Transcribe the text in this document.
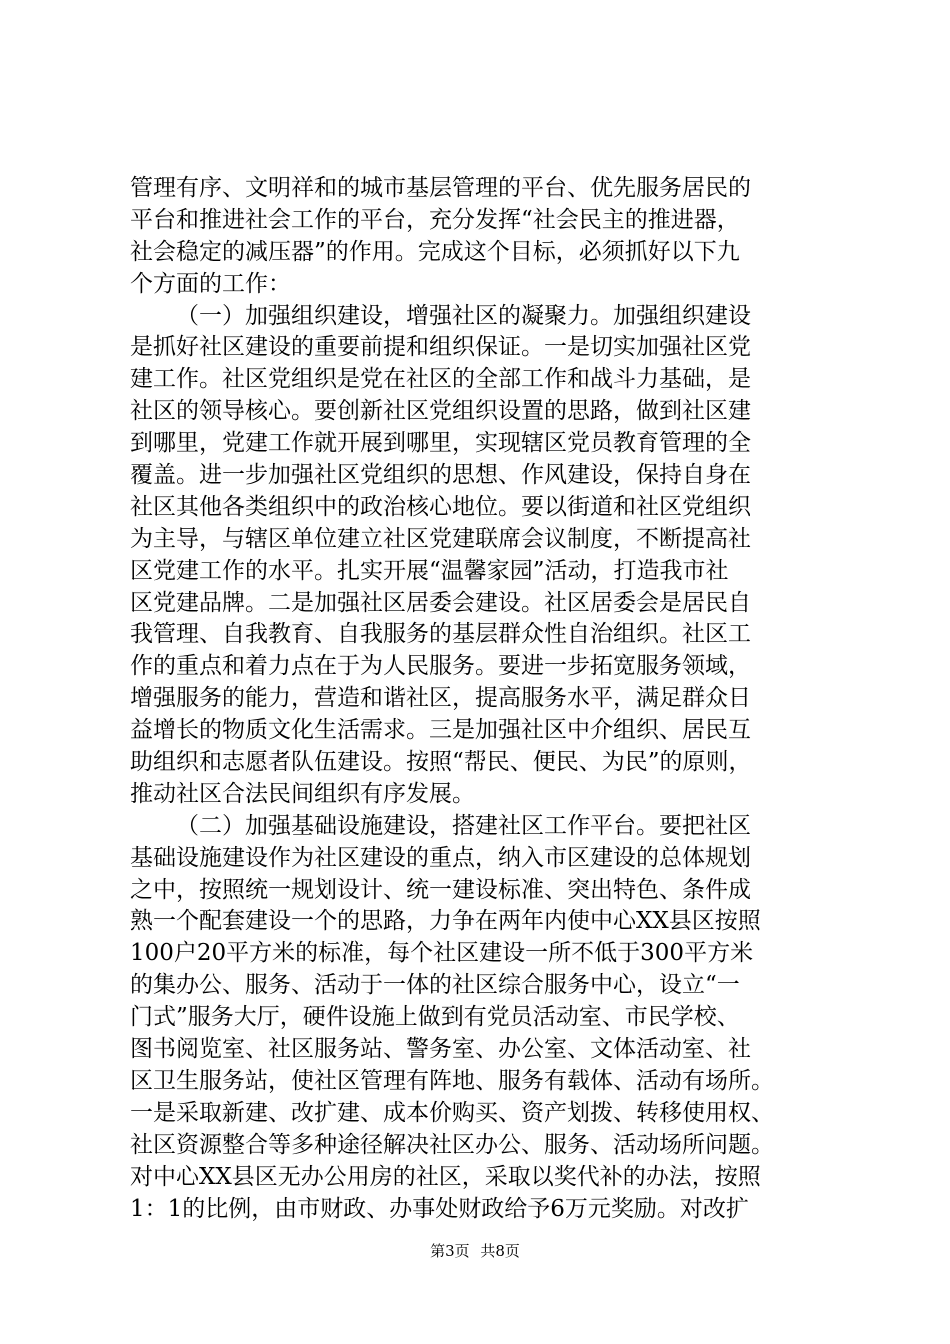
管理有序、文明祥和的城市基层管理的平台、优先服务居民的
平台和推进社会工作的平台，充分发挥“社会民主的推进器，
社会稳定的减压器”的作用。完成这个目标，必须抓好以下九
个方面的工作：
（一）加强组织建设，增强社区的凝聚力。加强组织建设
是抓好社区建设的重要前提和组织保证。一是切实加强社区党
建工作。社区党组织是党在社区的全部工作和战斗力基础，是
社区的领导核心。要创新社区党组织设置的思路，做到社区建
到哪里，党建工作就开展到哪里，实现辖区党员教育管理的全
覆盖。进一步加强社区党组织的思想、作风建设，保持自身在
社区其他各类组织中的政治核心地位。要以街道和社区党组织
为主导，与辖区单位建立社区党建联席会议制度，不断提高社
区党建工作的水平。扎实开展“温馨家园”活动，打造我市社
区党建品牌。二是加强社区居委会建设。社区居委会是居民自
我管理、自我教育、自我服务的基层群众性自治组织。社区工
作的重点和着力点在于为人民服务。要进一步拓宽服务领域，
增强服务的能力，营造和谐社区，提高服务水平，满足群众日
益增长的物质文化生活需求。三是加强社区中介组织、居民互
助组织和志愿者队伍建设。按照“帮民、便民、为民”的原则，
推动社区合法民间组织有序发展。
（二）加强基础设施建设，搭建社区工作平台。要把社区
基础设施建设作为社区建设的重点，纳入市区建设的总体规划
之中，按照统一规划设计、统一建设标准、突出特色、条件成
熟一个配套建设一个的思路，力争在两年内使中心XX县区按照
100户20平方米的标准，每个社区建设一所不低于300平方米
的集办公、服务、活动于一体的社区综合服务中心，设立“一
门式”服务大厅，硬件设施上做到有党员活动室、市民学校、
图书阅览室、社区服务站、警务室、办公室、文体活动室、社
区卫生服务站，使社区管理有阵地、服务有载体、活动有场所。
一是采取新建、改扩建、成本价购买、资产划拨、转移使用权、
社区资源整合等多种途径解决社区办公、服务、活动场所问题。
对中心XX县区无办公用房的社区，采取以奖代补的办法，按照
1：1的比例，由市财政、办事处财政给予6万元奖励。对改扩
第3页 共8页
